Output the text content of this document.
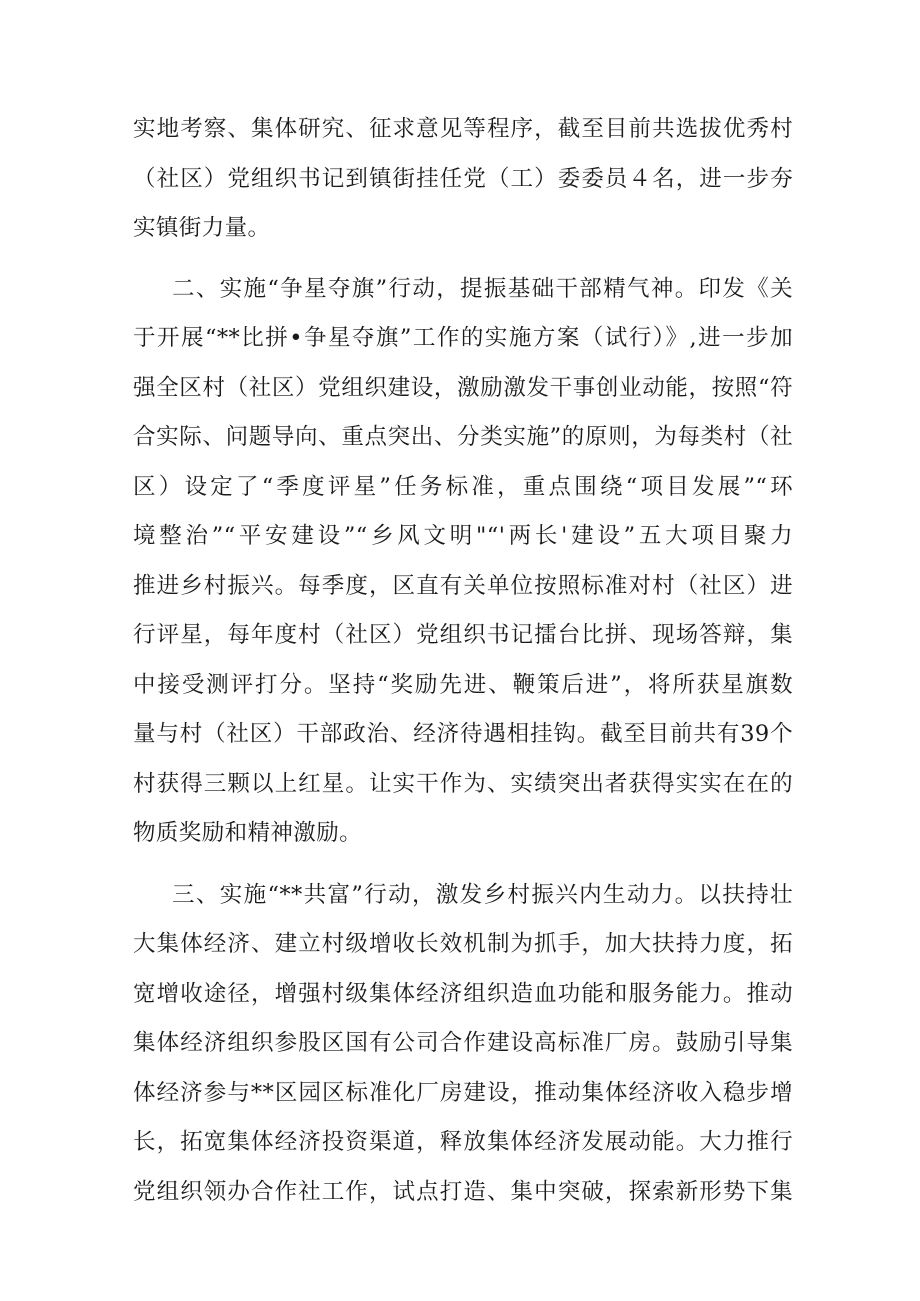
实地考察、集体研究、征求意见等程序，截至目前共选拔优秀村
（社区）党组织书记到镇街挂任党（工）委委员４名，进一步夯
实镇街力量。
二、实施“争星夺旗”行动，提振基础干部精气神。印发《关
于开展“**比拼•争星夺旗”工作的实施方案（试行）》,进一步加
强全区村（社区）党组织建设，激励激发干事创业动能，按照“符
合实际、问题导向、重点突出、分类实施”的原则，为每类村（社
区）设定了“季度评星”任务标准，重点围绕“项目发展”“环
境整治”“平安建设”“乡风文明"“'两长'建设”五大项目聚力
推进乡村振兴。每季度，区直有关单位按照标准对村（社区）进
行评星，每年度村（社区）党组织书记擂台比拼、现场答辩，集
中接受测评打分。坚持“奖励先进、鞭策后进”，将所获星旗数
量与村（社区）干部政治、经济待遇相挂钩。截至目前共有39个
村获得三颗以上红星。让实干作为、实绩突出者获得实实在在的
物质奖励和精神激励。
三、实施“**共富”行动，激发乡村振兴内生动力。以扶持壮
大集体经济、建立村级增收长效机制为抓手，加大扶持力度，拓
宽增收途径，增强村级集体经济组织造血功能和服务能力。推动
集体经济组织参股区国有公司合作建设高标准厂房。鼓励引导集
体经济参与**区园区标准化厂房建设，推动集体经济收入稳步增
长，拓宽集体经济投资渠道，释放集体经济发展动能。大力推行
党组织领办合作社工作，试点打造、集中突破，探索新形势下集
